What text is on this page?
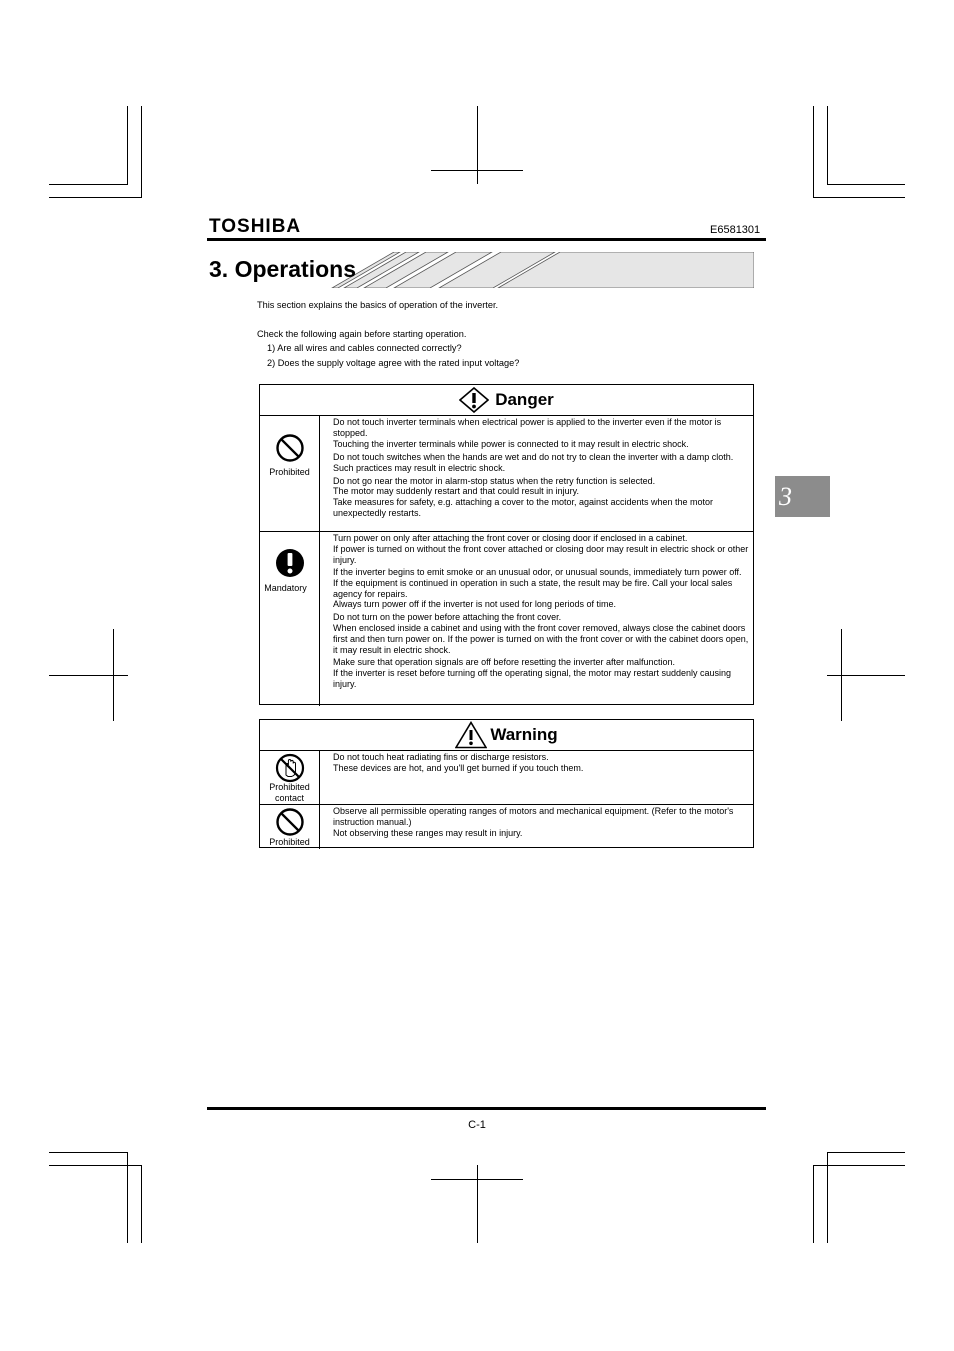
TOSHIBA	E6581301
3. Operations
This section explains the basics of operation of the inverter.
Check the following again before starting operation.
1) Are all wires and cables connected correctly?
2) Does the supply voltage agree with the rated input voltage?
3
Danger
Prohibited
Do not touch inverter terminals when electrical power is applied to the inverter even if the motor is stopped.
Touching the inverter terminals while power is connected to it may result in electric shock.
Do not touch switches when the hands are wet and do not try to clean the inverter with a damp cloth.
Such practices may result in electric shock.
Do not go near the motor in alarm-stop status when the retry function is selected.
The motor may suddenly restart and that could result in injury.
Take measures for safety, e.g. attaching a cover to the motor, against accidents when the motor unexpectedly restarts.
Mandatory
Turn power on only after attaching the front cover or closing door if enclosed in a cabinet.
If power is turned on without the front cover attached or closing door may result in electric shock or other injury.
If the inverter begins to emit smoke or an unusual odor, or unusual sounds, immediately turn power off.
If the equipment is continued in operation in such a state, the result may be fire. Call your local sales agency for repairs.
Always turn power off if the inverter is not used for long periods of time.
Do not turn on the power before attaching the front cover.
When enclosed inside a cabinet and using with the front cover removed, always close the cabinet doors first and then turn power on. If the power is turned on with the front cover or with the cabinet doors open, it may result in electric shock.
Make sure that operation signals are off before resetting the inverter after malfunction.
If the inverter is reset before turning off the operating signal, the motor may restart suddenly causing injury.
Warning
Prohibited
contact
Do not touch heat radiating fins or discharge resistors.
These devices are hot, and you'll get burned if you touch them.
Prohibited
Observe all permissible operating ranges of motors and mechanical equipment. (Refer to the motor's instruction manual.)
Not observing these ranges may result in injury.
C-1
